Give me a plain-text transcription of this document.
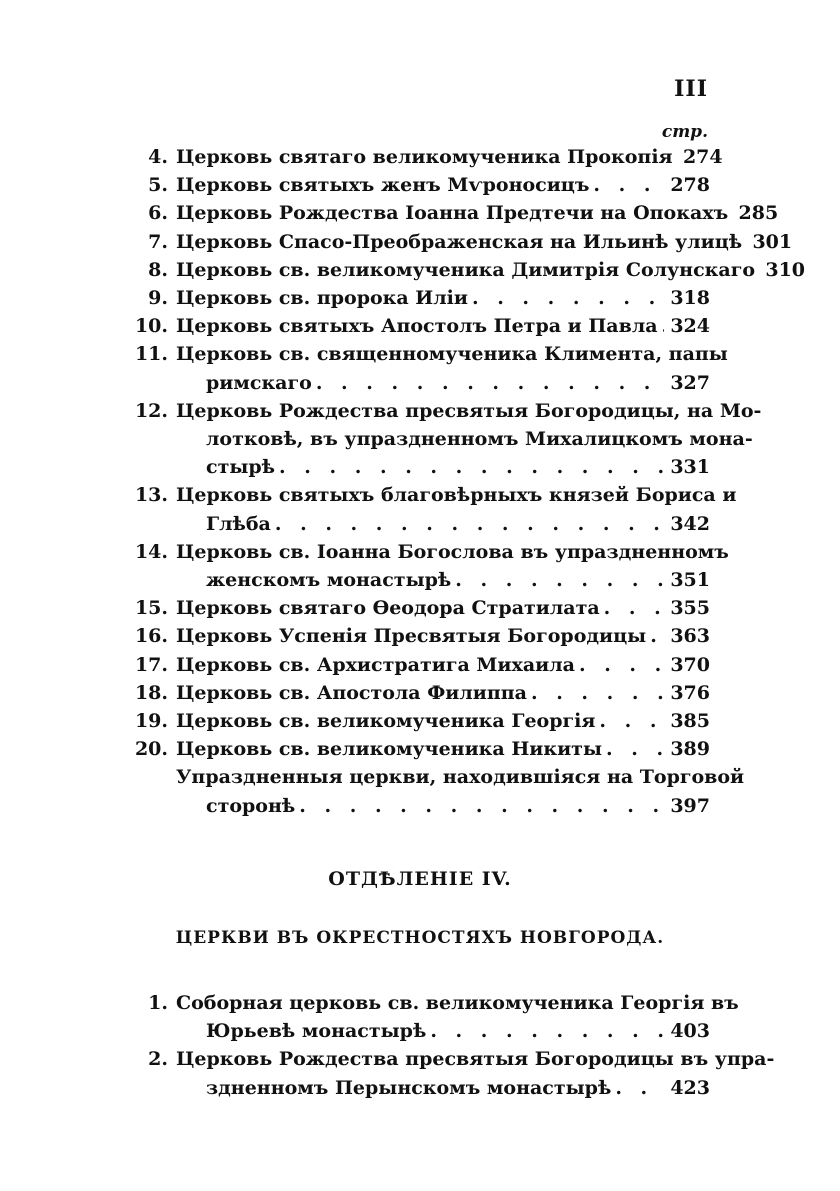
III
стр.
4. Церковь святаго великомученика Прокопія 274
5. Церковь святыхъ женъ Мѵроносицъ . . .	278
6. Церковь Рождества Іоанна Предтечи на Опокахъ 285
7. Церковь Спасо-Преображенская на Ильинѣ улицѣ 301
8. Церковь св. великомученика Димитрія Солунскаго 310
9. Церковь св. пророка Иліи . . .	318
10. Церковь святыхъ Апостолъ Петра и Павла . . . 324
11. Церковь св. священномученика Климента, папы
римскаго . . .	327
12. Церковь Рождества пресвятыя Богородицы, на Мо-
лотковѣ, въ упраздненномъ Михалицкомъ мона-
стырѣ . . .	331
13. Церковь святыхъ благовѣрныхъ князей Бориса и
Глѣба . . .	342
14. Церковь св. Іоанна Богослова въ упраздненномъ
женскомъ монастырѣ . . .	351
15. Церковь святаго Ѳеодора Стратилата . . .	355
16. Церковь Успенія Пресвятыя Богородицы . . . 363
17. Церковь св. Архистратига Михаила . . .	370
18. Церковь св. Апостола Филиппа . . .	376
19. Церковь св. великомученика Георгія . . .	385
20. Церковь св. великомученика Никиты . . .	389
Упраздненныя церкви, находившіяся на Торговой
сторонѣ . . .	397
ОТДѢЛЕНІЕ IV.
ЦЕРКВИ ВЪ ОКРЕСТНОСТЯХЪ НОВГОРОДА.
1. Соборная церковь св. великомученика Георгія въ
Юрьевѣ монастырѣ . . .	403
2. Церковь Рождества пресвятыя Богородицы въ упра-
здненномъ Перынскомъ монастырѣ . . .	423
